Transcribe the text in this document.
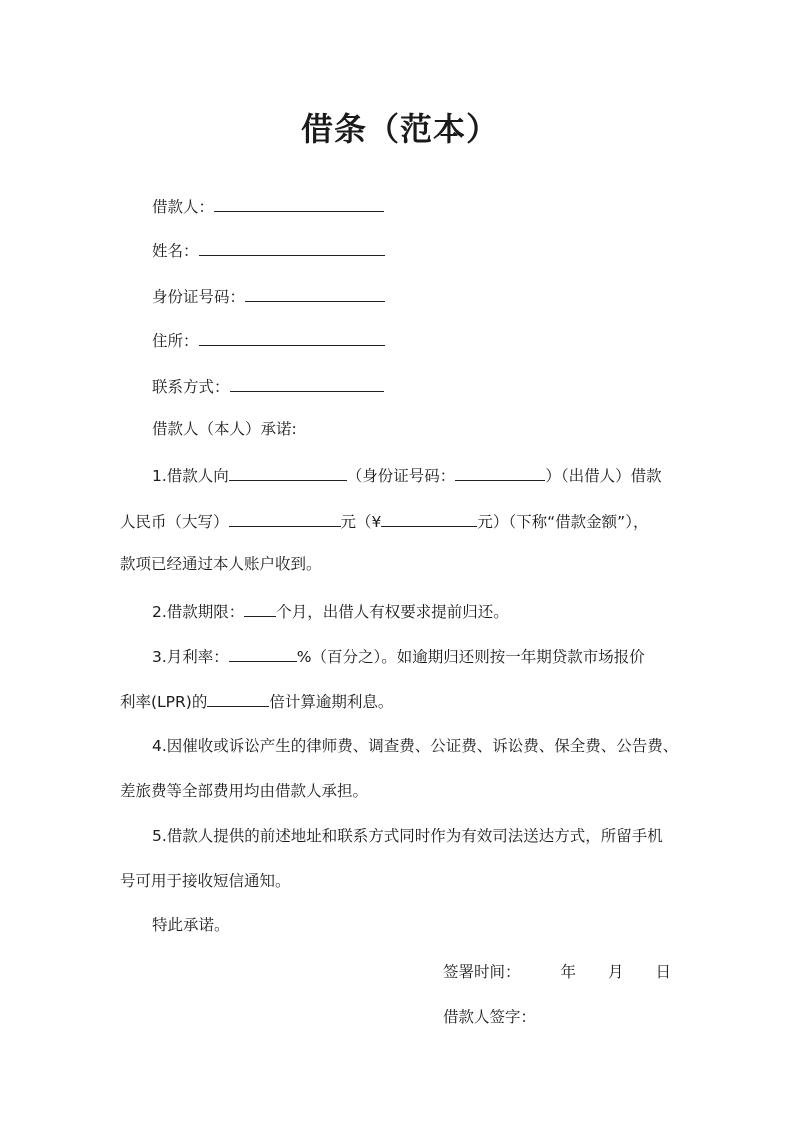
借条（范本）
借款人：
姓名：
身份证号码：
住所：
联系方式：
借款人（本人）承诺:
1.借款人向	（身份证号码：	）（出借人）借款
人民币（大写）	元（¥	元）（下称“借款金额”），
款项已经通过本人账户收到。
2.借款期限： 个月，出借人有权要求提前归还。
3.月利率：	%（百分之）。如逾期归还则按一年期贷款市场报价
利率(LPR)的	倍计算逾期利息。
4.因催收或诉讼产生的律师费、调查费、公证费、诉讼费、保全费、公告费、
差旅费等全部费用均由借款人承担。
5.借款人提供的前述地址和联系方式同时作为有效司法送达方式，所留手机
号可用于接收短信通知。
特此承诺。
签署时间：	年 月 日
借款人签字：
